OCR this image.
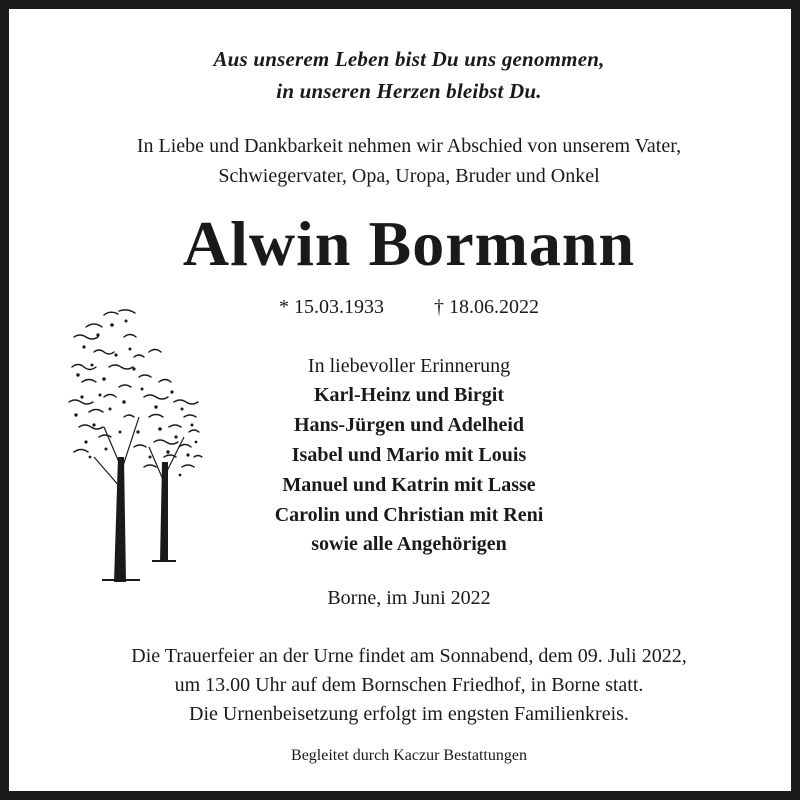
Aus unserem Leben bist Du uns genommen,
in unseren Herzen bleibst Du.
In Liebe und Dankbarkeit nehmen wir Abschied von unserem Vater,
Schwiegervater, Opa, Uropa, Bruder und Onkel
Alwin Bormann
* 15.03.1933	† 18.06.2022
In liebevoller Erinnerung
Karl-Heinz und Birgit
Hans-Jürgen und Adelheid
Isabel und Mario mit Louis
Manuel und Katrin mit Lasse
Carolin und Christian mit Reni
sowie alle Angehörigen
Borne, im Juni 2022
Die Trauerfeier an der Urne findet am Sonnabend, dem 09. Juli 2022,
um 13.00 Uhr auf dem Bornschen Friedhof, in Borne statt.
Die Urnenbeisetzung erfolgt im engsten Familienkreis.
Begleitet durch Kaczur Bestattungen
